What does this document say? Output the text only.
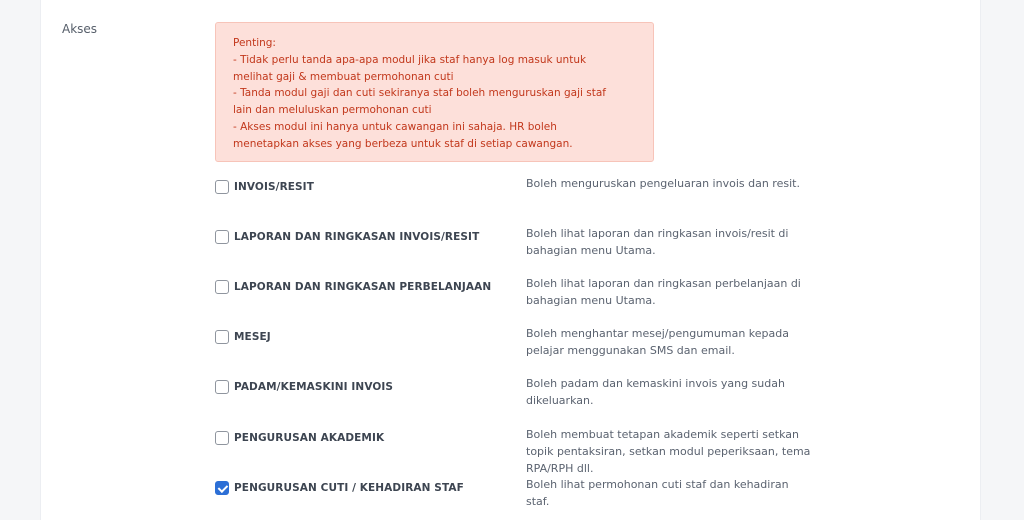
Akses
Penting:
- Tidak perlu tanda apa-apa modul jika staf hanya log masuk untuk
melihat gaji & membuat permohonan cuti
- Tanda modul gaji dan cuti sekiranya staf boleh menguruskan gaji staf
lain dan meluluskan permohonan cuti
- Akses modul ini hanya untuk cawangan ini sahaja. HR boleh
menetapkan akses yang berbeza untuk staf di setiap cawangan.
INVOIS/RESIT	Boleh menguruskan pengeluaran invois dan resit.
LAPORAN DAN RINGKASAN INVOIS/RESIT	Boleh lihat laporan dan ringkasan invois/resit di
bahagian menu Utama.
LAPORAN DAN RINGKASAN PERBELANJAAN	Boleh lihat laporan dan ringkasan perbelanjaan di
bahagian menu Utama.
MESEJ	Boleh menghantar mesej/pengumuman kepada
pelajar menggunakan SMS dan email.
PADAM/KEMASKINI INVOIS	Boleh padam dan kemaskini invois yang sudah
dikeluarkan.
PENGURUSAN AKADEMIK	Boleh membuat tetapan akademik seperti setkan
topik pentaksiran, setkan modul peperiksaan, tema
RPA/RPH dll.
PENGURUSAN CUTI / KEHADIRAN STAF	Boleh lihat permohonan cuti staf dan kehadiran
staf.
